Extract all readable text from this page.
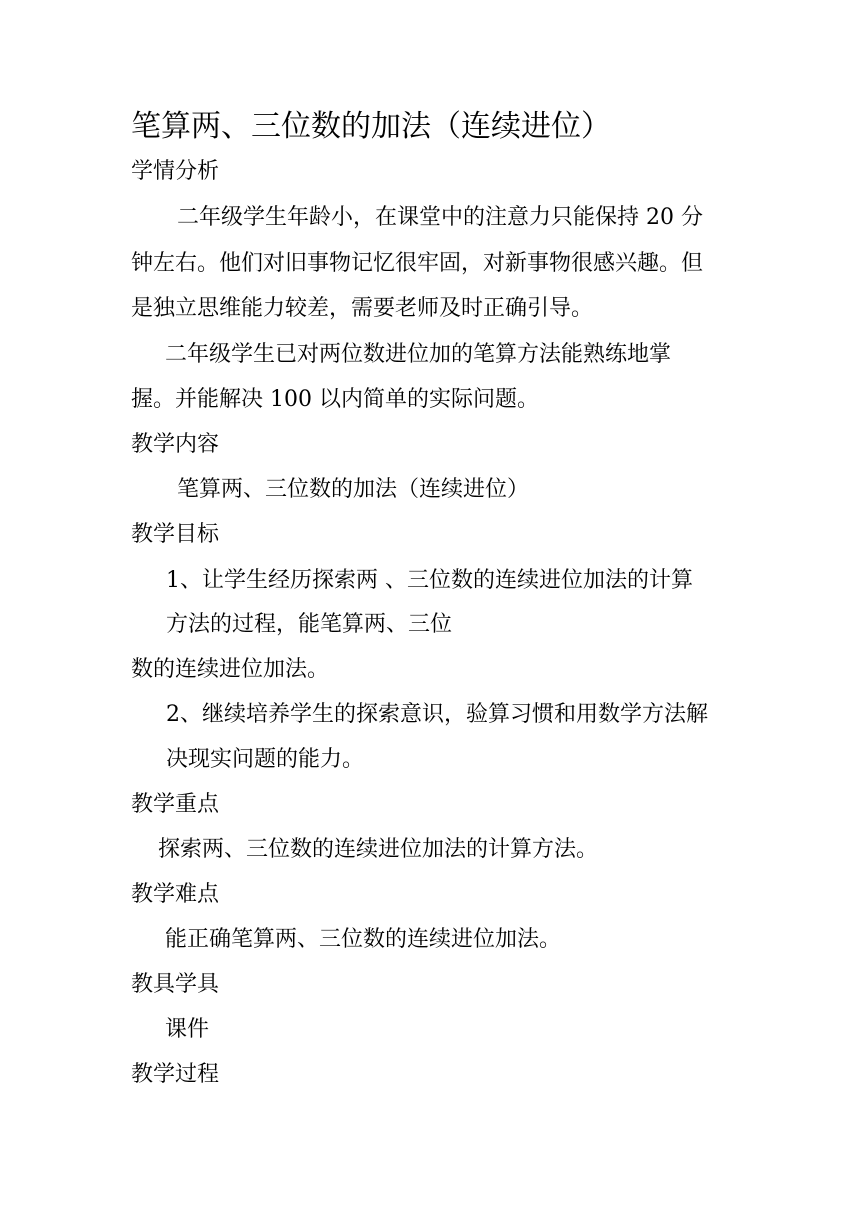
笔算两、三位数的加法（连续进位）
学情分析
二年级学生年龄小，在课堂中的注意力只能保持 20 分
钟左右。他们对旧事物记忆很牢固，对新事物很感兴趣。但
是独立思维能力较差，需要老师及时正确引导。
二年级学生已对两位数进位加的笔算方法能熟练地掌
握。并能解决 100 以内简单的实际问题。
教学内容
笔算两、三位数的加法（连续进位）
教学目标
1、让学生经历探索两 、三位数的连续进位加法的计算
方法的过程，能笔算两、三位
数的连续进位加法。
2、继续培养学生的探索意识，验算习惯和用数学方法解
决现实问题的能力。
教学重点
探索两、三位数的连续进位加法的计算方法。
教学难点
能正确笔算两、三位数的连续进位加法。
教具学具
课件
教学过程
